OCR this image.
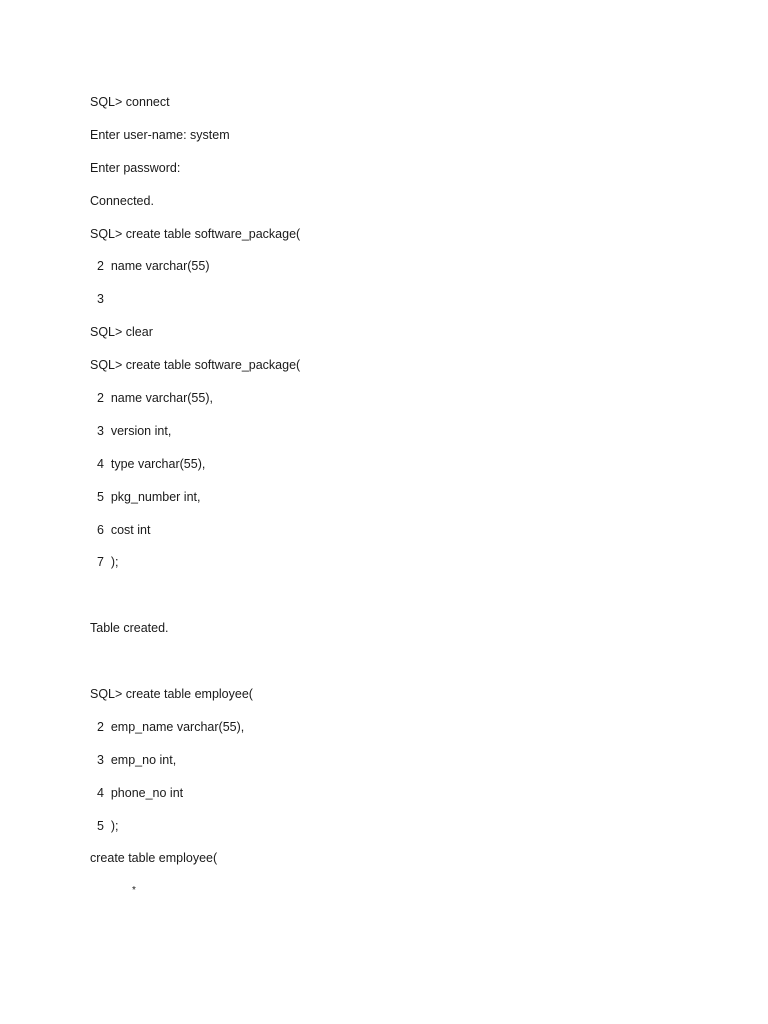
SQL> connect
Enter user-name: system
Enter password:
Connected.
SQL> create table software_package(
2  name varchar(55)
3
SQL> clear
SQL> create table software_package(
2  name varchar(55),
3  version int,
4  type varchar(55),
5  pkg_number int,
6  cost int
7  );
Table created.
SQL> create table employee(
2  emp_name varchar(55),
3  emp_no int,
4  phone_no int
5  );
create table employee(
*
